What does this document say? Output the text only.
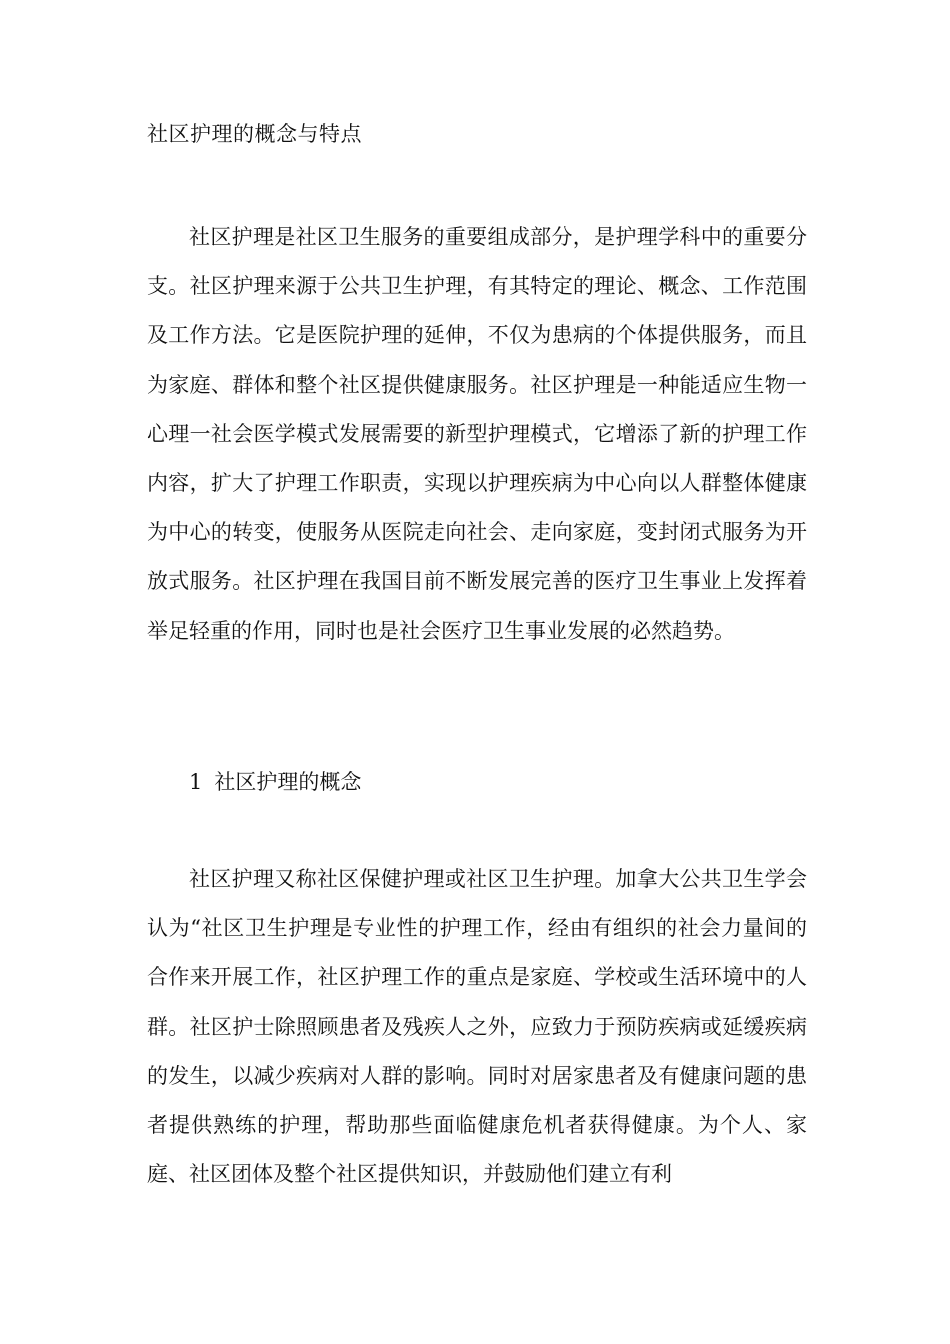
社区护理的概念与特点

社区护理是社区卫生服务的重要组成部分，是护理学科中的重要分支。社区护理来源于公共卫生护理，有其特定的理论、概念、工作范围及工作方法。它是医院护理的延伸，不仅为患病的个体提供服务，而且为家庭、群体和整个社区提供健康服务。社区护理是一种能适应生物一心理一社会医学模式发展需要的新型护理模式，它增添了新的护理工作内容，扩大了护理工作职责，实现以护理疾病为中心向以人群整体健康为中心的转变，使服务从医院走向社会、走向家庭，变封闭式服务为开放式服务。社区护理在我国目前不断发展完善的医疗卫生事业上发挥着举足轻重的作用，同时也是社会医疗卫生事业发展的必然趋势。

1 社区护理的概念

社区护理又称社区保健护理或社区卫生护理。加拿大公共卫生学会认为“社区卫生护理是专业性的护理工作，经由有组织的社会力量间的合作来开展工作，社区护理工作的重点是家庭、学校或生活环境中的人群。社区护士除照顾患者及残疾人之外，应致力于预防疾病或延缓疾病的发生，以减少疾病对人群的影响。同时对居家患者及有健康问题的患者提供熟练的护理，帮助那些面临健康危机者获得健康。为个人、家庭、社区团体及整个社区提供知识，并鼓励他们建立有利
